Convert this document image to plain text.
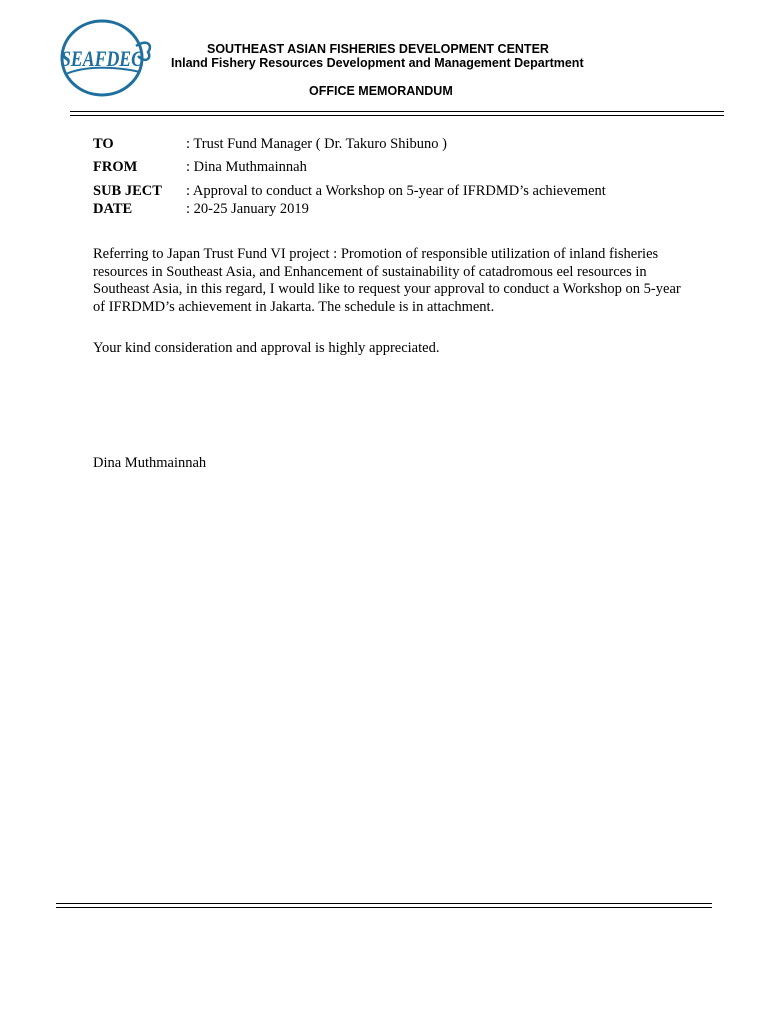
SEAFDEC	SOUTHEAST ASIAN FISHERIES DEVELOPMENT CENTER
Inland Fishery Resources Development and Management Department
OFFICE MEMORANDUM
TO	: Trust Fund Manager ( Dr. Takuro Shibuno )
FROM	: Dina Muthmainnah
SUB JECT : Approval to conduct a Workshop on 5-year of IFRDMD’s achievement
DATE	: 20-25 January 2019
Referring to Japan Trust Fund VI project : Promotion of responsible utilization of inland fisheries
resources in Southeast Asia, and Enhancement of sustainability of catadromous eel resources in
Southeast Asia, in this regard, I would like to request your approval to conduct a Workshop on 5-year
of IFRDMD’s achievement in Jakarta. The schedule is in attachment.
Your kind consideration and approval is highly appreciated.
Dina Muthmainnah
